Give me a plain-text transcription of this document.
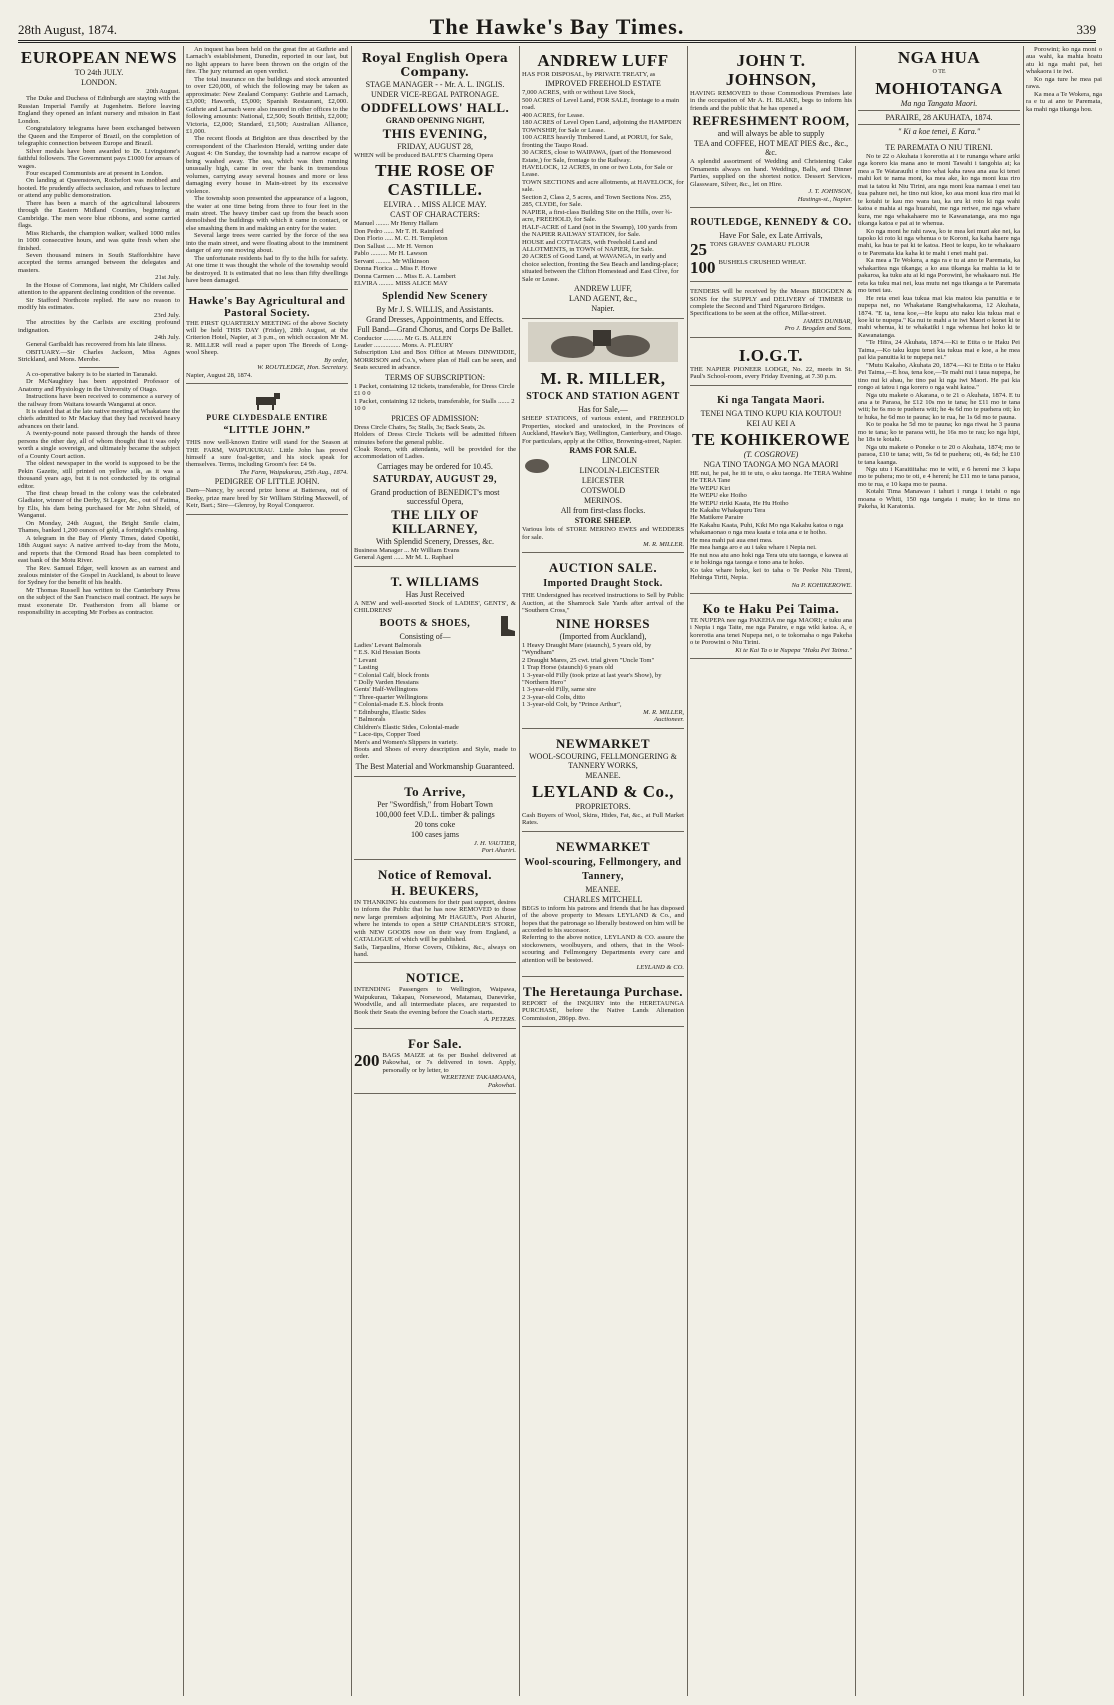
28th August, 1874.	The Hawke's Bay Times.	339
EUROPEAN NEWS
TO 24th JULY.
LONDON.

20th August.

The Duke and Duchess of Edinburgh are staying with the Russian Imperial Family at Jugenheim. Before leaving England they opened an infant nursery and mission in East London.

Congratulatory telegrams have been exchanged between the Queen and the Emperor of Brazil, on the completion of telegraphic connection between Europe and Brazil.

Silver medals have been awarded to Dr. Livingstone's faithful followers. The Government pays £1000 for arrears of wages.

Four escaped Communists are at present in London.

On landing at Queenstown, Rochefort was mobbed and hooted. He prudently affects seclusion, and refuses to lecture or attend any public demonstration.

There has been a march of the agricultural labourers through the Eastern Midland Counties, beginning at Cambridge. The men wore blue ribbons, and some carried flags.

Miss Richards, the champion walker, walked 1000 miles in 1000 consecutive hours, and was quite fresh when she finished.

Seven thousand miners in South Staffordshire have accepted the terms arranged between the delegates and masters.

21st July.

In the House of Commons, last night, Mr Childers called attention to the apparent declining condition of the revenue.

Sir Stafford Northcote replied. He saw no reason to modify his estimates.

23rd July.

The atrocities by the Carlists are exciting profound indignation.

24th July.

General Garibaldi has recovered from his late illness.

OBITUARY.—Sir Charles Jackson, Miss Agnes Strickland, and Mons. Merobe.

A co-operative bakery is to be started in Taranaki.

Dr McNaughtey has been appointed Professor of Anatomy and Physiology in the University of Otago.

Instructions have been received to commence a survey of the railway from Waitara towards Wanganui at once.

It is stated that at the late native meeting at Whakatane the chiefs admitted to Mr Mackay that they had received heavy advances on their land.

A twenty-pound note passed through the hands of three persons the other day, all of whom thought that it was only worth a single sovereign, and ultimately became the subject of a County Court action.

The oldest newspaper in the world is supposed to be the Pekin Gazette, still printed on yellow silk, as it was a thousand years ago, but it is not conducted by its original editor.

The first cheap bread in the colony was the celebrated Gladiator, winner of the Derby, St Leger, &c., out of Fatima, by Elis, his dam being purchased for Mr John Shield, of Wanganui.

On Monday, 24th August, the Bright Smile claim, Thames, banked 1,200 ounces of gold, a fortnight's crushing.

A telegram in the Bay of Plenty Times, dated Opotiki, 18th August says: A native arrived to-day from the Motu, and reports that the Ormond Road has been completed to east bank of the Motu River.

The Rev. Samuel Edger, well known as an earnest and zealous minister of the Gospel in Auckland, is about to leave for Sydney for the benefit of his health.

Mr Thomas Russell has written to the Canterbury Press on the subject of the San Francisco mail contract. He says he must exonerate Dr. Featherston from all blame or responsibility in accepting Mr Forbes as contractor.

An inquest has been held on the great fire at Guthrie and Larnach's establishment, Dunedin, reported in our last, but no light appears to have been thrown on the origin of the fire. The jury returned an open verdict.

The total insurance on the buildings and stock amounted to over £20,000, of which the following may be taken as approximate: New Zealand Company: Guthrie and Larnach, £3,000; Haworth, £5,000; Spanish Restaurant, £2,000. Guthrie and Larnach were also insured in other offices to the following amounts: National, £2,500; South British, £2,000; Victoria, £2,000; Standard, £1,500; Australian Alliance, £1,000.

The recent floods at Brighton are thus described by the correspondent of the Charleston Herald, writing under date August 4: On Sunday, the township had a narrow escape of being washed away. The sea, which was then running unusually high, came in over the bank in tremendous volumes, carrying away several houses and more or less damaging every house in Main-street by its excessive violence.

The township soon presented the appearance of a lagoon, the water at one time being from three to four feet in the main street. The heavy timber cast up from the beach soon demolished the buildings with which it came in contact, or else smashing them in and making an entry for the water.

Several large trees were carried by the force of the sea into the main street, and were floating about to the imminent danger of any one moving about.

The unfortunate residents had to fly to the hills for safety. At one time it was thought the whole of the township would be destroyed. It is estimated that no less than fifty dwellings have been damaged.

Hawke's Bay Agricultural and Pastoral Society.

THE FIRST QUARTERLY MEETING of the above Society will be held THIS DAY (Friday), 28th August, at the Criterion Hotel, Napier, at 3 p.m., on which occasion Mr M. R. MILLER will read a paper upon The Breeds of Long-wool Sheep.

By order,
W. ROUTLEDGE, Hon. Secretary.

Napier, August 28, 1874.

PURE CLYDESDALE ENTIRE
“LITTLE JOHN.”

THIS now well-known Entire will stand for the Season at THE FARM, WAIPUKURAU. Little John has proved himself a sure foal-getter, and his stock speak for themselves. Terms, including Groom's fee: £4 9s.

The Farm, Waipukurau, 25th Aug., 1874.
PEDIGREE OF LITTLE JOHN.

Dam—Nancy, by second prize horse at Battersea, out of Beeky, prize mare bred by Sir William Stirling Maxwell, of Keir, Bart.; Sire—Glenroy, by Royal Conqueror.

Royal English Opera Company.
STAGE MANAGER - - Mr. A. L. INGLIS.
UNDER VICE-REGAL PATRONAGE.
ODDFELLOWS' HALL.
GRAND OPENING NIGHT,
THIS EVENING,
FRIDAY, AUGUST 28,

WHEN will be produced BALFE'S Charming Opera

THE ROSE OF CASTILLE.
ELVIRA . . MISS ALICE MAY.
CAST OF CHARACTERS:
Manuel ........ Mr Henry Hallam
Don Pedro ...... Mr T. H. Rainford
Don Florio ..... M. C. H. Templeton
Don Sallust ..... Mr H. Vernon
Pablo .......... Mr H. Lawson
Servant ......... Mr Wilkinson
Donna Fiorica ... Miss F. Howe
Donna Carmen .... Miss E. A. Lambert
ELVIRA ......... MISS ALICE MAY
Splendid New Scenery
By Mr J. S. WILLIS, and Assistants.
Grand Dresses, Appointments, and Effects.
Full Band—Grand Chorus, and Corps De Ballet.
Conductor ............ Mr G. B. ALLEN
Leader ................ Mons. A. FLEURY

Subscription List and Box Office at Messrs DINWIDDIE, MORRISON and Co.'s, where plan of Hall can be seen, and Seats secured in advance.

TERMS OF SUBSCRIPTION:
1 Packet, containing 12 tickets, transferable, for Dress Circle £1 0 0
1 Packet, containing 12 tickets, transferable, for Stalls ....... 2 10 0
PRICES OF ADMISSION:

Dress Circle Chairs, 5s; Stalls, 3s; Back Seats, 2s.

Holders of Dress Circle Tickets will be admitted fifteen minutes before the general public.

Cloak Room, with attendants, will be provided for the accommodation of Ladies.

Carriages may be ordered for 10.45.
SATURDAY, AUGUST 29,
Grand production of BENEDICT's most successful Opera,
THE LILY OF KILLARNEY,
With Splendid Scenery, Dresses, &c.
Business Manager ... Mr William Evans
General Agent ...... Mr M. L. Raphael
T. WILLIAMS
Has Just Received

A NEW and well-assorted Stock of LADIES', GENTS', & CHILDRENS'

BOOTS & SHOES,
Consisting of—
Ladies' Levant Balmorals
" E.S. Kid Hessian Boots
" Levant
" Lasting
" Colonial Calf, block fronts
" Dolly Varden Hessians
Gents' Half-Wellingtons
" Three-quarter Wellingtons
" Colonial-made E.S. block fronts
" Edinburghs, Elastic Sides
" Balmorals
Children's Elastic Sides, Colonial-made
" Lace-tips, Copper Toed
Men's and Women's Slippers in variety.

Boots and Shoes of every description and Style, made to order.

The Best Material and Workmanship Guaranteed.
To Arrive,
Per "Swordfish," from Hobart Town
100,000 feet V.D.L. timber & palings
20 tons coke
100 cases jams
J. H. VAUTIER,
Port Ahuriri.
Notice of Removal.
H. BEUKERS,

IN THANKING his customers for their past support, desires to inform the Public that he has now REMOVED to those new large premises adjoining Mr HAGUE's, Port Ahuriri, where he intends to open a SHIP CHANDLER'S STORE, with NEW GOODS now on their way from England, a CATALOGUE of which will be published.

Sails, Tarpaulins, Horse Covers, Oilskins, &c., always on hand.

NOTICE.

INTENDING Passengers to Wellington, Waipawa, Waipukurau, Takapau, Norsewood, Matamau, Danevirke, Woodville, and all intermediate places, are requested to Book their Seats the evening before the Coach starts.

A. PETERS.
For Sale.
200 BAGS MAIZE at 6s per Bushel delivered at Pakowhai, or 7s delivered in town. Apply, personally or by letter, to

WERETENE TAKAMOANA,
Pakowhai.
ANDREW LUFF

HAS FOR DISPOSAL, by PRIVATE TREATY, as

IMPROVED FREEHOLD ESTATE
7,000 ACRES, with or without Live Stock,
500 ACRES of Level Land, FOR SALE, frontage to a main road.
400 ACRES, for Lease.
180 ACRES of Level Open Land, adjoining the HAMPDEN TOWNSHIP, for Sale or Lease.
100 ACRES heavily Timbered Land, at PORUI, for Sale, fronting the Taupo Road.
30 ACRES, close to WAIPAWA, (part of the Homewood Estate,) for Sale, frontage to the Railway.
HAVELOCK, 12 ACRES, in one or two Lots, for Sale or Lease.
TOWN SECTIONS and acre allotments, at HAVELOCK, for sale.
Section 2, Class 2, 5 acres, and Town Sections Nos. 255, 285, CLYDE, for Sale.
NAPIER, a first-class Building Site on the Hills, over ¾-acre, FREEHOLD, for Sale.
HALF-ACRE of Land (not in the Swamp), 100 yards from the NAPIER RAILWAY STATION, for Sale.
HOUSE and COTTAGES, with Freehold Land and ALLOTMENTS, in TOWN of NAPIER, for Sale.
20 ACRES of Good Land, at WAVANGA, in early and choice selection, fronting the Sea Beach and landing-place; situated between the Clifton Homestead and East Clive, for Sale or Lease.
ANDREW LUFF,
LAND AGENT, &c.,
Napier.
M. R. MILLER,
STOCK AND STATION AGENT
Has for Sale,—

SHEEP STATIONS, of various extent, and FREEHOLD Properties, stocked and unstocked, in the Provinces of Auckland, Hawke's Bay, Wellington, Canterbury, and Otago.

For particulars, apply at the Office, Browning-street, Napier.

RAMS FOR SALE.
LINCOLN
LINCOLN-LEICESTER
LEICESTER
COTSWOLD
MERINOS.
All from first-class flocks.
STORE SHEEP.

Various lots of STORE MERINO EWES and WEDDERS for sale.

M. R. MILLER.
AUCTION SALE.
Imported Draught Stock.

THE Undersigned has received instructions to Sell by Public Auction, at the Shamrock Sale Yards after arrival of the "Southern Cross,"

NINE HORSES
(Imported from Auckland),
1 Heavy Draught Mare (staunch), 5 years old, by "Wyndham"
2 Draught Mares, 25 cwt. trial given "Uncle Tom"
1 Trap Horse (staunch) 6 years old
1 3-year-old Filly (took prize at last year's Show), by "Northern Hero"
1 3-year-old Filly, same sire
2 3-year-old Colts, ditto
1 3-year-old Colt, by "Prince Arthur",
M. R. MILLER,
Auctioneer.
NEWMARKET
WOOL-SCOURING, FELLMONGERING & TANNERY WORKS,
MEANEE.
LEYLAND & Co.,
PROPRIETORS.

Cash Buyers of Wool, Skins, Hides, Fat, &c., at Full Market Rates.

NEWMARKET
Wool-scouring, Fellmongery, and Tannery,
MEANEE.
CHARLES MITCHELL

BEGS to inform his patrons and friends that he has disposed of the above property to Messrs LEYLAND & Co., and hopes that the patronage so liberally bestowed on him will be accorded to his successor.

Referring to the above notice, LEYLAND & CO. assure the stockowners, woolbuyers, and others, that in the Wool-scouring and Fellmongery Departments every care and attention will be bestowed.

LEYLAND & CO.
The Heretaunga Purchase.

REPORT of the INQUIRY into the HERETAUNGA PURCHASE, before the Native Lands Alienation Commission, 286pp. 8vo.

JOHN T. JOHNSON,

HAVING REMOVED to those Commodious Premises late in the occupation of Mr A. H. BLAKE, begs to inform his friends and the public that he has opened a

REFRESHMENT ROOM,
and will always be able to supply
TEA and COFFEE, HOT MEAT PIES &c., &c., &c.

A splendid assortment of Wedding and Christening Cake Ornaments always on hand. Weddings, Balls, and Dinner Parties, supplied on the shortest notice. Dessert Services, Glassware, Silver, &c., let on Hire.

J. T. JOHNSON,
Hastings-st., Napier.
ROUTLEDGE, KENNEDY & CO.
Have For Sale, ex Late Arrivals,
25 TONS GRAVES' OAMARU FLOUR
100 BUSHELS CRUSHED WHEAT.

TENDERS will be received by the Messrs BROGDEN & SONS for the SUPPLY and DELIVERY of TIMBER to complete the Second and Third Ngaruroro Bridges.

Specifications to be seen at the office, Millar-street.

JAMES DUNBAR,
Pro J. Brogden and Sons.
I.O.G.T.

THE NAPIER PIONEER LODGE, No. 22, meets in St. Paul's School-room, every Friday Evening, at 7.30 p.m.

Ki nga Tangata Maori.
TENEI NGA TINO KUPU KIA KOUTOU!
KEI AU KEI A
TE KOHIKEROWE
(T. COSGROVE)
NGA TINO TAONGA MO NGA MAORI

HE nui, he pai, he iti te utu, o aku taonga. He TERA Wahine He TERA Tane

He WEPU Kiri
He WEPU eke Hoiho
He WEPU ririki Kaata, He Hu Hoiho
He Kakahu Whakapuru Tera
He Matikere Paraire
He Kakahu Kaata, Puhi, Kiki Mo nga Kakahu katoa o nga whakanaonao o nga mea kaata e toia ana e te hoiho.
He mea mahi pai aua enei mea.
He mea hanga aro e au i taku whare i Nepia nei.
He nui noa atu ano hoki nga Tera utu utu taonga, e kawea ai e te hokinga nga taonga e tono ana te hoko.

Ko taku whare hoko, kei to taha o Te Peeke Niu Tireni, Hehinga Tiriti, Nepia.

Na P. KOHIKEROWE.
Ko te Haku Pei Taima.

TE NUPEPA nee nga PAKEHA me nga MAORI; e tuku ana i Nepia i nga Taite, me nga Paraire, e nga wiki katoa. A, e korerotia ana tenei Nupepa nei, o te tokomaha o nga Pakeha o te Porowini o Niu Tirini.

Ki te Kai Ta o te Nupepa "Haku Pei Taima."
NGA HUA
O TE
MOHIOTANGA
Ma nga Tangata Maori.
PARAIRE, 28 AKUHATA, 1874.
" Ki a koe tenei, E Kara."
TE PAREMATA O NIU TIRENI.

No te 22 o Akuhata i korerotia ai i te runanga whare ariki nga korero kia mana ano te moni Tawahi i tangohia ai; ka mea a Te Watarauihi e tino whai kaha rawa ana aua ki tenei mahi kei te nama moni, ka mea ake, ko nga moni kua riro mai ia tatou ki Niu Tirini, ara nga moni kua namaa i enei tau kua pahure nei, he tino nui kioe, ko aua moni kua riro mai ki te kotahi te kau mo wara tau, ka uru ki roto ki nga wahi katoa e mahia ai nga huarahi, me nga reriwe, me nga whare kura, me nga whakahaere mo te Kawanatanga, ara mo nga tikanga katoa e pai ai te whenua.

Ko nga moni he rahi rawa, ko te mea kei muri ake nei, ka tapoko ki roto ki nga whenua o te Koroni, ka kaha haere nga mahi, ka hua te pai ki te katoa. Heoi te kupu, ko te whakaaro o te Paremata kia kaha ki te mahi i enei mahi pai.

Ka mea a Te Wokera, a nga ra e tu ai ano te Paremata, ka whakaritea nga tikanga; a ko aua tikanga ka mahia ia ki te pakaroa, ka tuku atu ai ki nga Porowini, he whakaaro nui. He reta ka tuku mai nei, kua mutu nei nga tikanga a te Paremata mo tenei tau.

He reta enei kua tukua mai kia matou kia panuitia e te nupepa nei, no Whakatane Rangiwhakaoma, 12 Akuhata, 1874. "E ta, tena koe,—He kupu atu naku kia tukua mai e koe ki te nupepa." Ka nui te mahi a te iwi Maori o konei ki te mahi whenua, ki te whakatiki i nga whenua hei hoko ki te Kawanatanga.

"Te Hiira, 24 Akuhata, 1874.—Ki te Etita o te Haku Pei Taima,—Ko taku kupu tenei kia tukua mai e koe, a he mea pai kia panuitia ki te nupepa nei."

"Mutu Kakaho, Akuhata 20, 1874.—Ki te Etita o te Haku Pei Taima,—E hoa, tena koe,—Te mahi nui i taua nupepa, he tino nui ki ahau, he tino pai ki nga iwi Maori. He pai kia rongo ai tatou i nga korero o nga wahi katoa."

Nga utu makete o Akarana, o te 21 o Akuhata, 1874. E tu ana a te Paraoa, he £12 10s mo te tana; he £11 mo te tana witi; he 6s mo te puehera witi; he 4s 6d mo te puehera oti; ko te huka, he 6d mo te pauna; ko te rua, he 1s 6d mo te pauna.

Ko te poaka he 5d mo te pauna; ko nga riwai he 3 pauna mo te tana; ko te paraoa witi, he 16s mo te rau; ko nga hipi, he 18s te kotahi.

Nga utu makete o Poneke o te 20 o Akuhata, 1874; mo te paraoa, £10 te tana; witi, 5s 6d te puehera; oti, 4s 6d; he £10 te tana kaanga.

Ngu utu i Karaitiitaha: mo te witi, e 6 herení me 3 kapa mo te puhera; mo te oti, e 4 herení; he £11 mo te tana paraoa, mo te rua, e 10 kapa mo te pauna.

Kotahi Tima Manawao i tahuri i runga i tetahi o nga moana o Whiti, 150 nga tangata i mate; ko te tima no Pakeha, ki Karatonia.

Porowini; ko nga moni o aua wahi, ka mahia hoatu atu ki nga mahi pai, hei whakaora i te iwi.

Ko nga ture he mea pai rawa.

Ka mea a Te Wokera, nga ra e tu ai ano te Paremata, ka mahi nga tikanga hou.
